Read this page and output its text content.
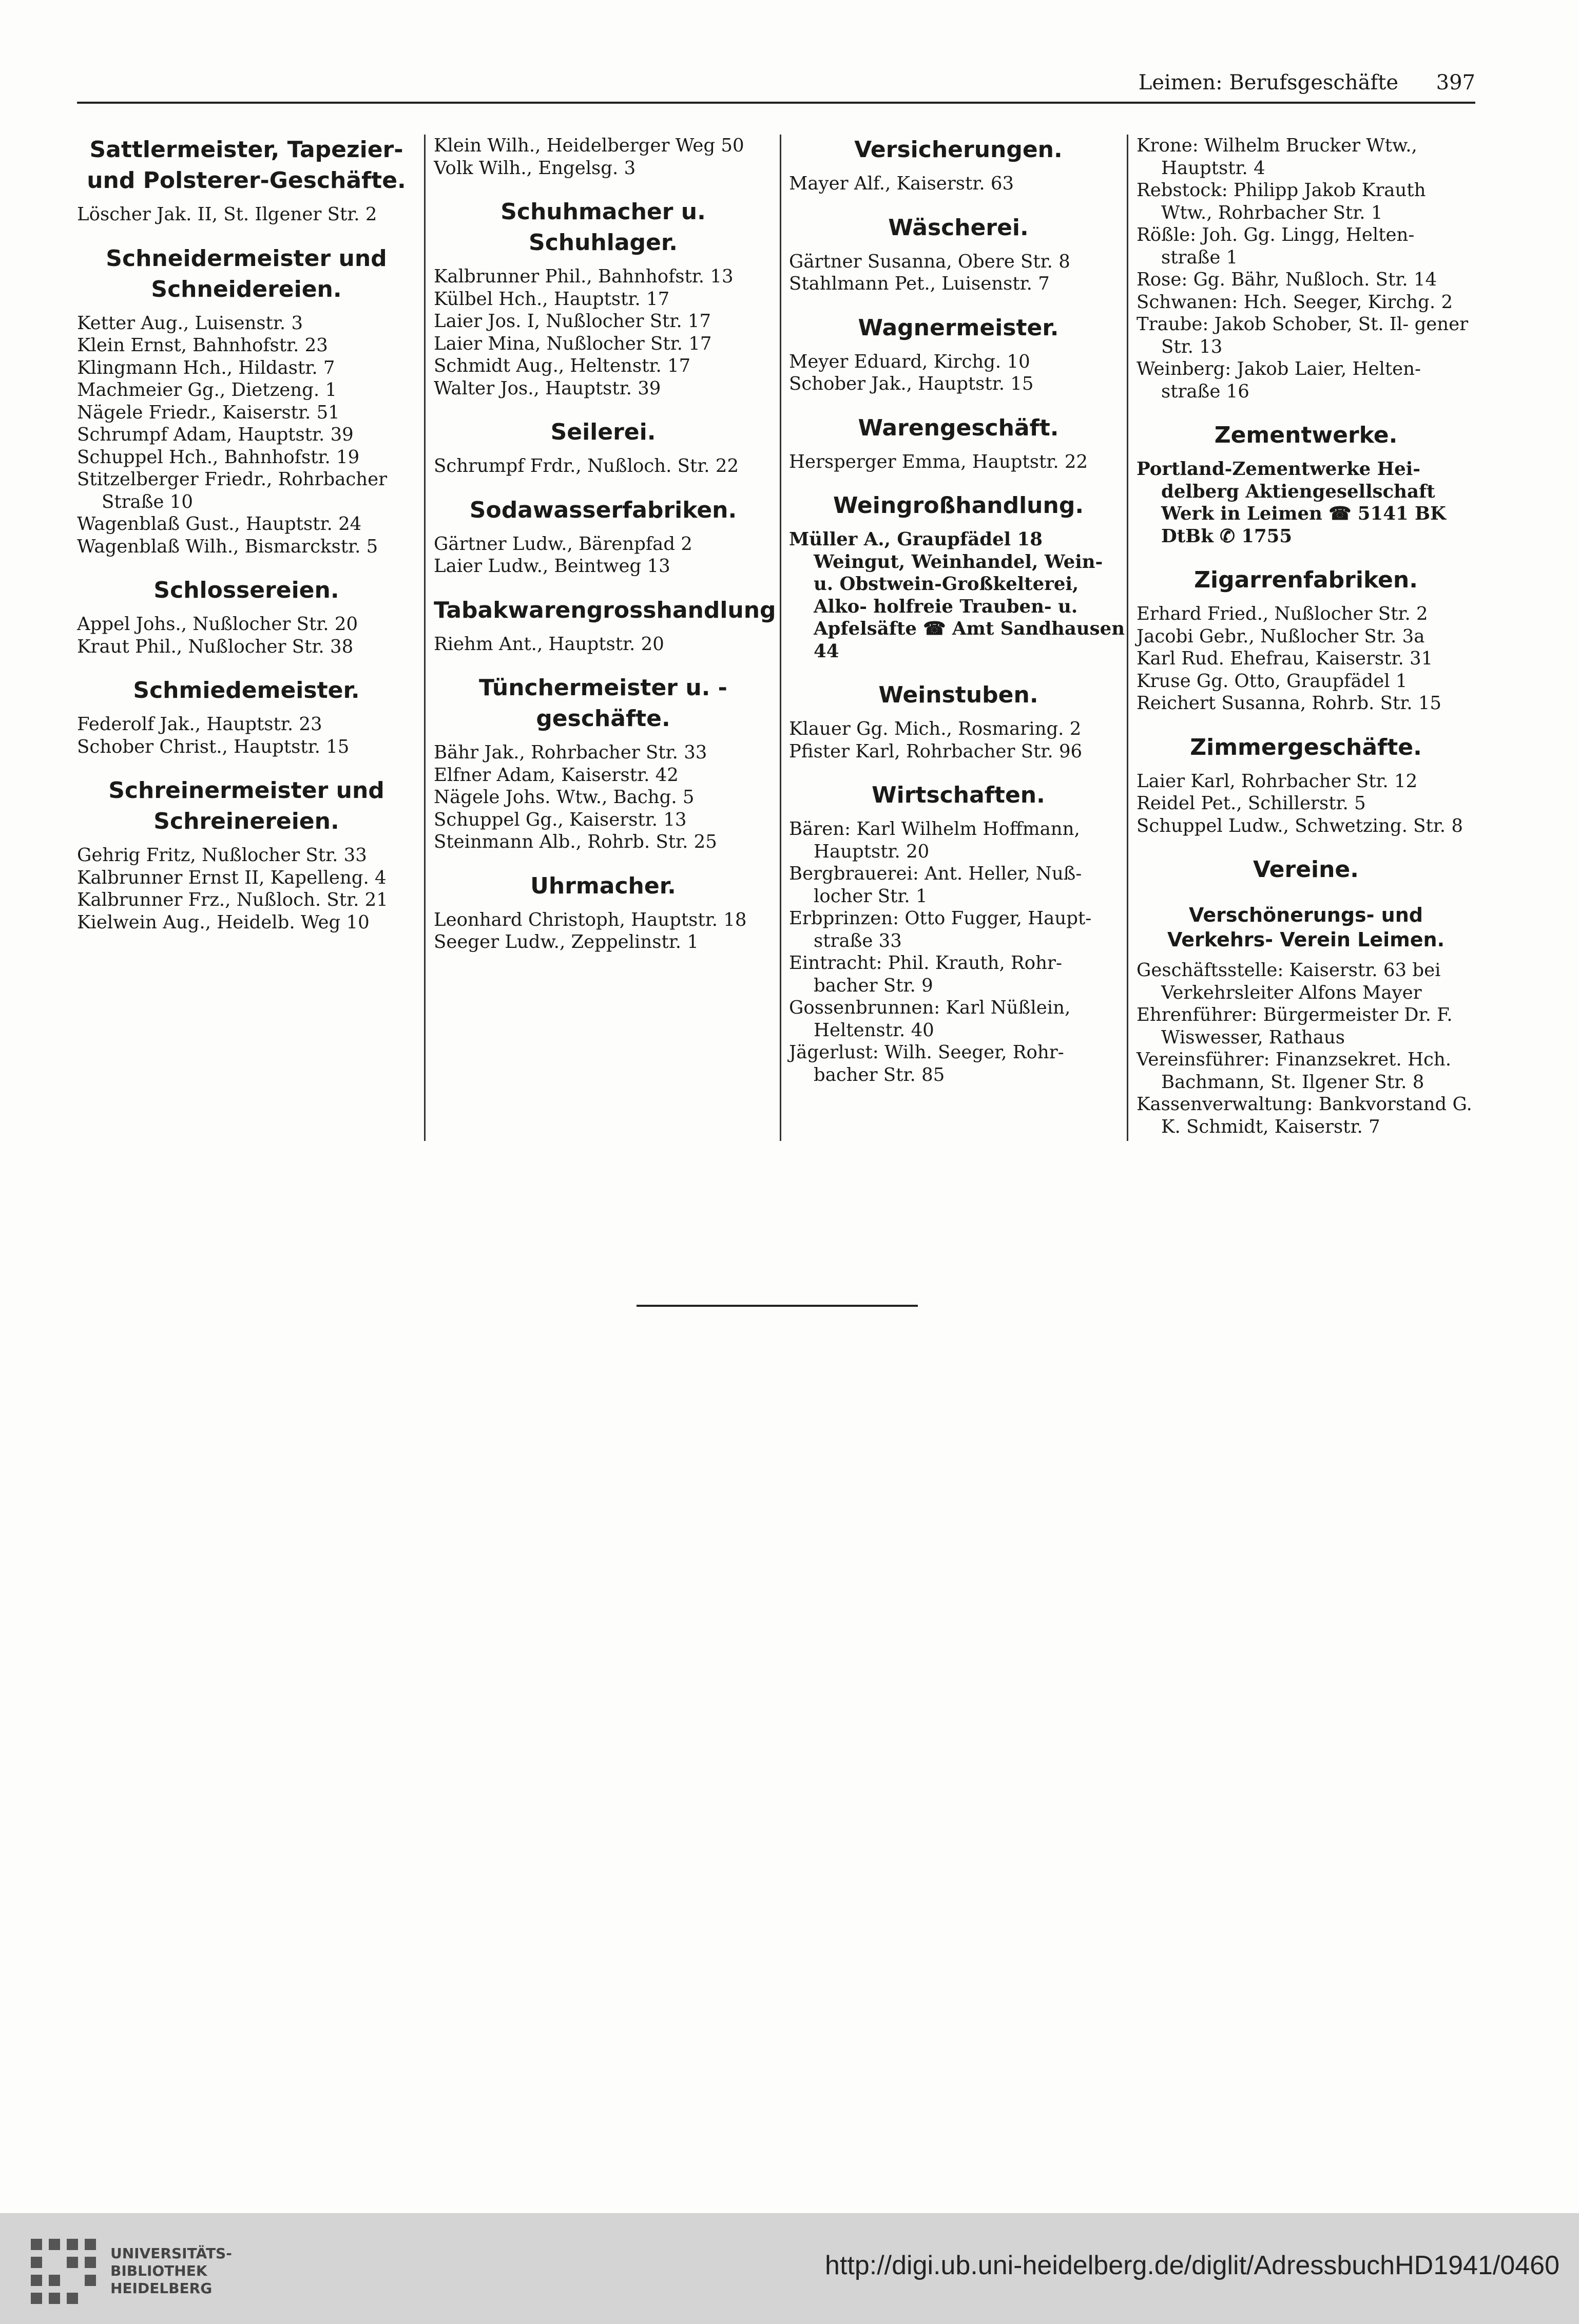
Leimen: Berufsgeschäfte 397
Sattlermeister, Tapezier- und Polsterer-Geschäfte.
Löscher Jak. II, St. Ilgener Str. 2
Schneidermeister und Schneidereien.
Ketter Aug., Luisenstr. 3
Klein Ernst, Bahnhofstr. 23
Klingmann Hch., Hildastr. 7
Machmeier Gg., Dietzeng. 1
Nägele Friedr., Kaiserstr. 51
Schrumpf Adam, Hauptstr. 39
Schuppel Hch., Bahnhofstr. 19
Stitzelberger Friedr., Rohrbacher Straße 10
Wagenblaß Gust., Hauptstr. 24
Wagenblaß Wilh., Bismarckstr. 5
Schlossereien.
Appel Johs., Nußlocher Str. 20
Kraut Phil., Nußlocher Str. 38
Schmiedemeister.
Federolf Jak., Hauptstr. 23
Schober Christ., Hauptstr. 15
Schreinermeister und Schreinereien.
Gehrig Fritz, Nußlocher Str. 33
Kalbrunner Ernst II, Kapelleng. 4
Kalbrunner Frz., Nußloch. Str. 21
Kielwein Aug., Heidelb. Weg 10
Klein Wilh., Heidelberger Weg 50
Volk Wilh., Engelsg. 3
Schuhmacher u. Schuhlager.
Kalbrunner Phil., Bahnhofstr. 13
Külbel Hch., Hauptstr. 17
Laier Jos. I, Nußlocher Str. 17
Laier Mina, Nußlocher Str. 17
Schmidt Aug., Heltenstr. 17
Walter Jos., Hauptstr. 39
Seilerei.
Schrumpf Frdr., Nußloch. Str. 22
Sodawasserfabriken.
Gärtner Ludw., Bärenpfad 2
Laier Ludw., Beintweg 13
Tabakwarengrosshandlung
Riehm Ant., Hauptstr. 20
Tünchermeister u. -geschäfte.
Bähr Jak., Rohrbacher Str. 33
Elfner Adam, Kaiserstr. 42
Nägele Johs. Wtw., Bachg. 5
Schuppel Gg., Kaiserstr. 13
Steinmann Alb., Rohrb. Str. 25
Uhrmacher.
Leonhard Christoph, Hauptstr. 18
Seeger Ludw., Zeppelinstr. 1
Versicherungen.
Mayer Alf., Kaiserstr. 63
Wäscherei.
Gärtner Susanna, Obere Str. 8
Stahlmann Pet., Luisenstr. 7
Wagnermeister.
Meyer Eduard, Kirchg. 10
Schober Jak., Hauptstr. 15
Warengeschäft.
Hersperger Emma, Hauptstr. 22
Weingroßhandlung.
Müller A., Graupfädel 18 Weingut, Weinhandel, Wein- u. Obstwein-Großkelterei, Alko- holfreie Trauben- u. Apfelsäfte ☎ Amt Sandhausen 44
Weinstuben.
Klauer Gg. Mich., Rosmaring. 2
Pfister Karl, Rohrbacher Str. 96
Wirtschaften.
Bären: Karl Wilhelm Hoffmann, Hauptstr. 20
Bergbrauerei: Ant. Heller, Nuß- locher Str. 1
Erbprinzen: Otto Fugger, Haupt- straße 33
Eintracht: Phil. Krauth, Rohr- bacher Str. 9
Gossenbrunnen: Karl Nüßlein, Heltenstr. 40
Jägerlust: Wilh. Seeger, Rohr- bacher Str. 85
Krone: Wilhelm Brucker Wtw., Hauptstr. 4
Rebstock: Philipp Jakob Krauth Wtw., Rohrbacher Str. 1
Rößle: Joh. Gg. Lingg, Helten- straße 1
Rose: Gg. Bähr, Nußloch. Str. 14
Schwanen: Hch. Seeger, Kirchg. 2
Traube: Jakob Schober, St. Il- gener Str. 13
Weinberg: Jakob Laier, Helten- straße 16
Zementwerke.
Portland-Zementwerke Hei- delberg Aktiengesellschaft Werk in Leimen ☎ 5141 BK DtBk ✆ 1755
Zigarrenfabriken.
Erhard Fried., Nußlocher Str. 2
Jacobi Gebr., Nußlocher Str. 3a
Karl Rud. Ehefrau, Kaiserstr. 31
Kruse Gg. Otto, Graupfädel 1
Reichert Susanna, Rohrb. Str. 15
Zimmergeschäfte.
Laier Karl, Rohrbacher Str. 12
Reidel Pet., Schillerstr. 5
Schuppel Ludw., Schwetzing. Str. 8
Vereine.
Verschönerungs- und Verkehrs- Verein Leimen.
Geschäftsstelle: Kaiserstr. 63 bei Verkehrsleiter Alfons Mayer
Ehrenführer: Bürgermeister Dr. F. Wiswesser, Rathaus
Vereinsführer: Finanzsekret. Hch. Bachmann, St. Ilgener Str. 8
Kassenverwaltung: Bankvorstand G. K. Schmidt, Kaiserstr. 7
UNIVERSITÄTS-
BIBLIOTHEK
HEIDELBERG
http://digi.ub.uni-heidelberg.de/diglit/AdressbuchHD1941/0460
